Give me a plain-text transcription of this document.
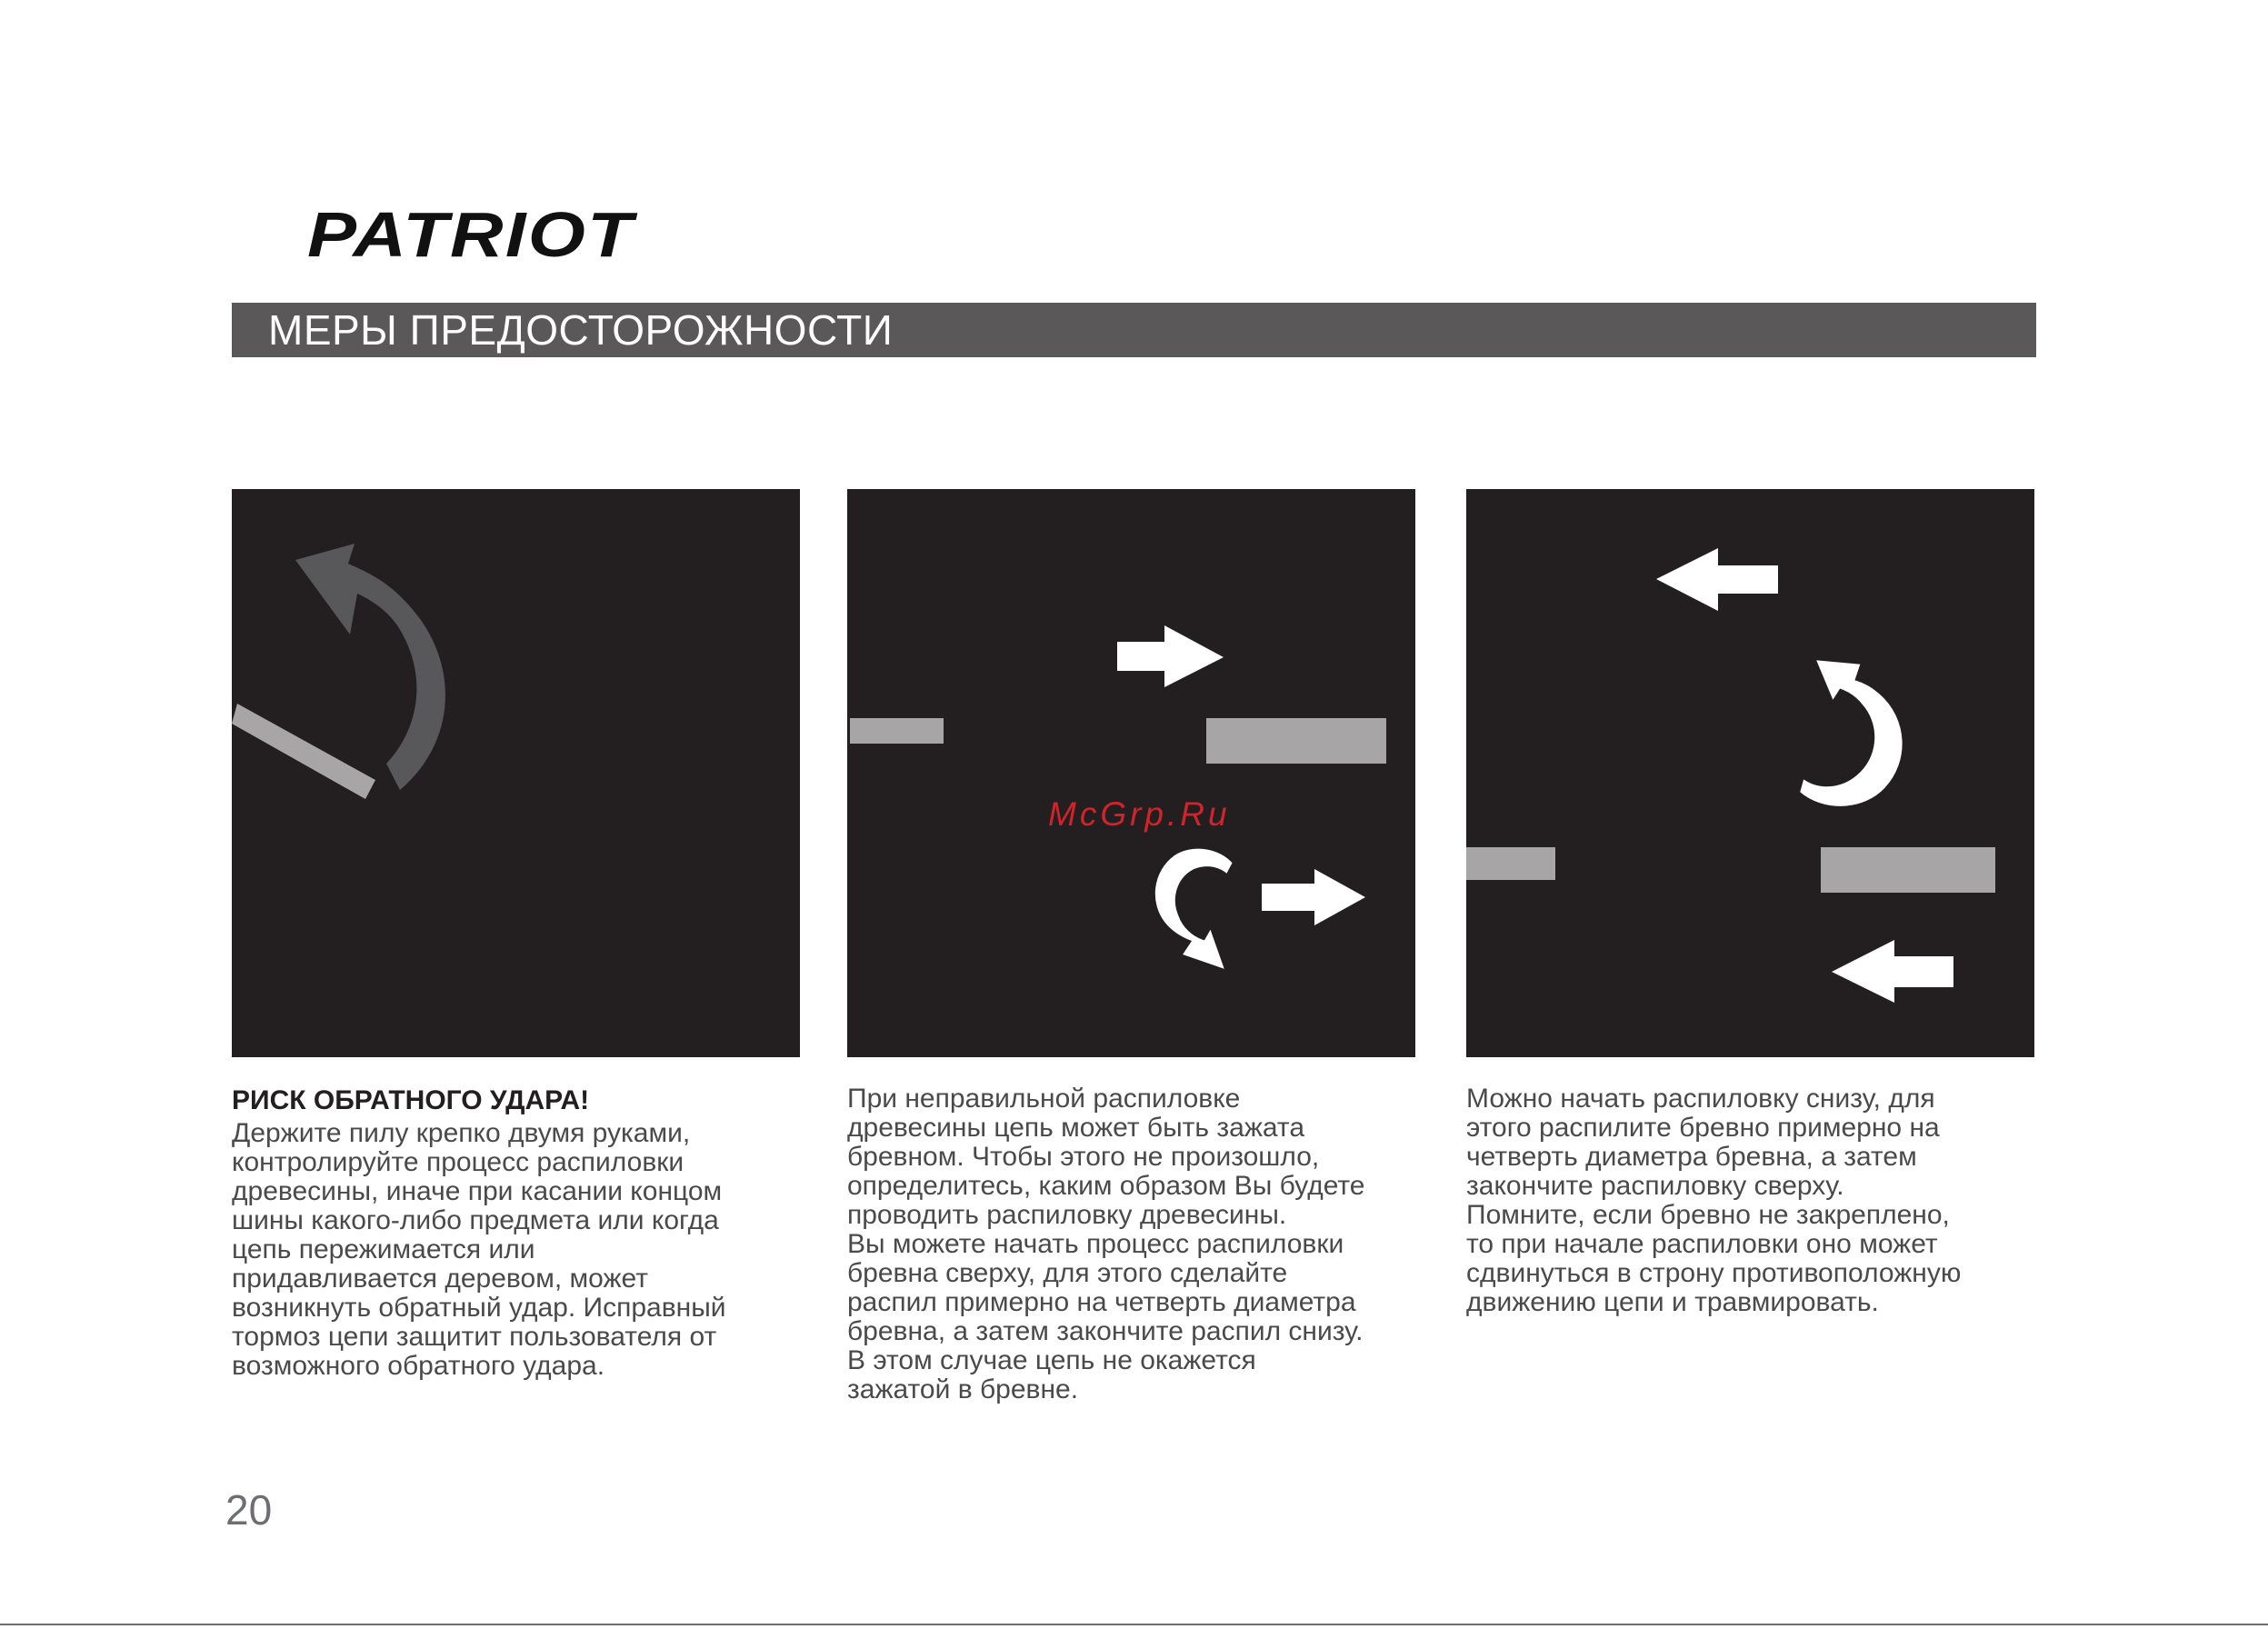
PATRIOT
МЕРЫ ПРЕДОСТОРОЖНОСТИ
McGrp.Ru
РИСК ОБРАТНОГО УДАРА!

Держите пилу крепко двумя руками,
контролируйте процесс распиловки
древесины, иначе при касании концом
шины какого-либо предмета или когда
цепь пережимается или
придавливается деревом, может
возникнуть обратный удар. Исправный
тормоз цепи защитит пользователя от
возможного обратного удара.

При неправильной распиловке
древесины цепь может быть зажата
бревном. Чтобы этого не произошло,
определитесь, каким образом Вы будете
проводить распиловку древесины.
Вы можете начать процесс распиловки
бревна сверху, для этого сделайте
распил примерно на четверть диаметра
бревна, а затем закончите распил снизу.
В этом случае цепь не окажется
зажатой в бревне.

Можно начать распиловку снизу, для
этого распилите бревно примерно на
четверть диаметра бревна, а затем
закончите распиловку сверху.
Помните, если бревно не закреплено,
то при начале распиловки оно может
сдвинуться в строну противоположную
движению цепи и травмировать.

20
